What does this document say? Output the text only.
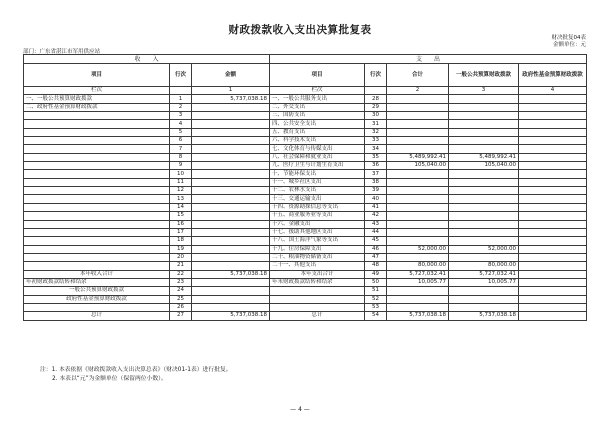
财政拨款收入支出决算批复表
财决批复04表
金额单位：元
部门：广东省湛江市军用供应站
收　　入			支　　出				
项目	行次	金额	项目	行次	合计	一般公共预算财政拨款	政府性基金预算财政拨款
栏次		1	栏次		2	3	4
一、一般公共预算财政拨款	1	5,737,038.18	一、一般公共服务支出	28			
二、政府性基金预算财政拨款	2		二、外交支出	29			
	3		三、国防支出	30			
	4		四、公共安全支出	31			
	5		五、教育支出	32			
	6		六、科学技术支出	33			
	7		七、文化体育与传媒支出	34			
	8		八、社会保障和就业支出	35	5,489,992.41	5,489,992.41	
	9		九、医疗卫生与计划生育支出	36	105,040.00	105,040.00	
	10		十、节能环保支出	37			
	11		十一、城乡社区支出	38			
	12		十二、农林水支出	39			
	13		十三、交通运输支出	40			
	14		十四、资源勘探信息等支出	41			
	15		十五、商业服务业等支出	42			
	16		十六、金融支出	43			
	17		十七、援助其他地区支出	44			
	18		十八、国土海洋气象等支出	45			
	19		十九、住房保障支出	46	52,000.00	52,000.00	
	20		二十、粮油物资储备支出	47			
	21		二十一、其他支出	48	80,000.00	80,000.00	
本年收入合计	22	5,737,038.18	本年支出合计	49	5,727,032.41	5,727,032.41	
年初财政拨款结转和结余	23		年末财政拨款结转和结余	50	10,005.77	10,005.77	
一般公共预算财政拨款	24			51			
政府性基金预算财政拨款	25			52			
	26			53			
总计	27	5,737,038.18	总计	54	5,737,038.18	5,737,038.18	
注：1. 本表依据《财政拨款收入支出决算总表》（财决01-1表）进行批复。
2. 本表以“元”为金额单位（保留两位小数）。
— 4 —
